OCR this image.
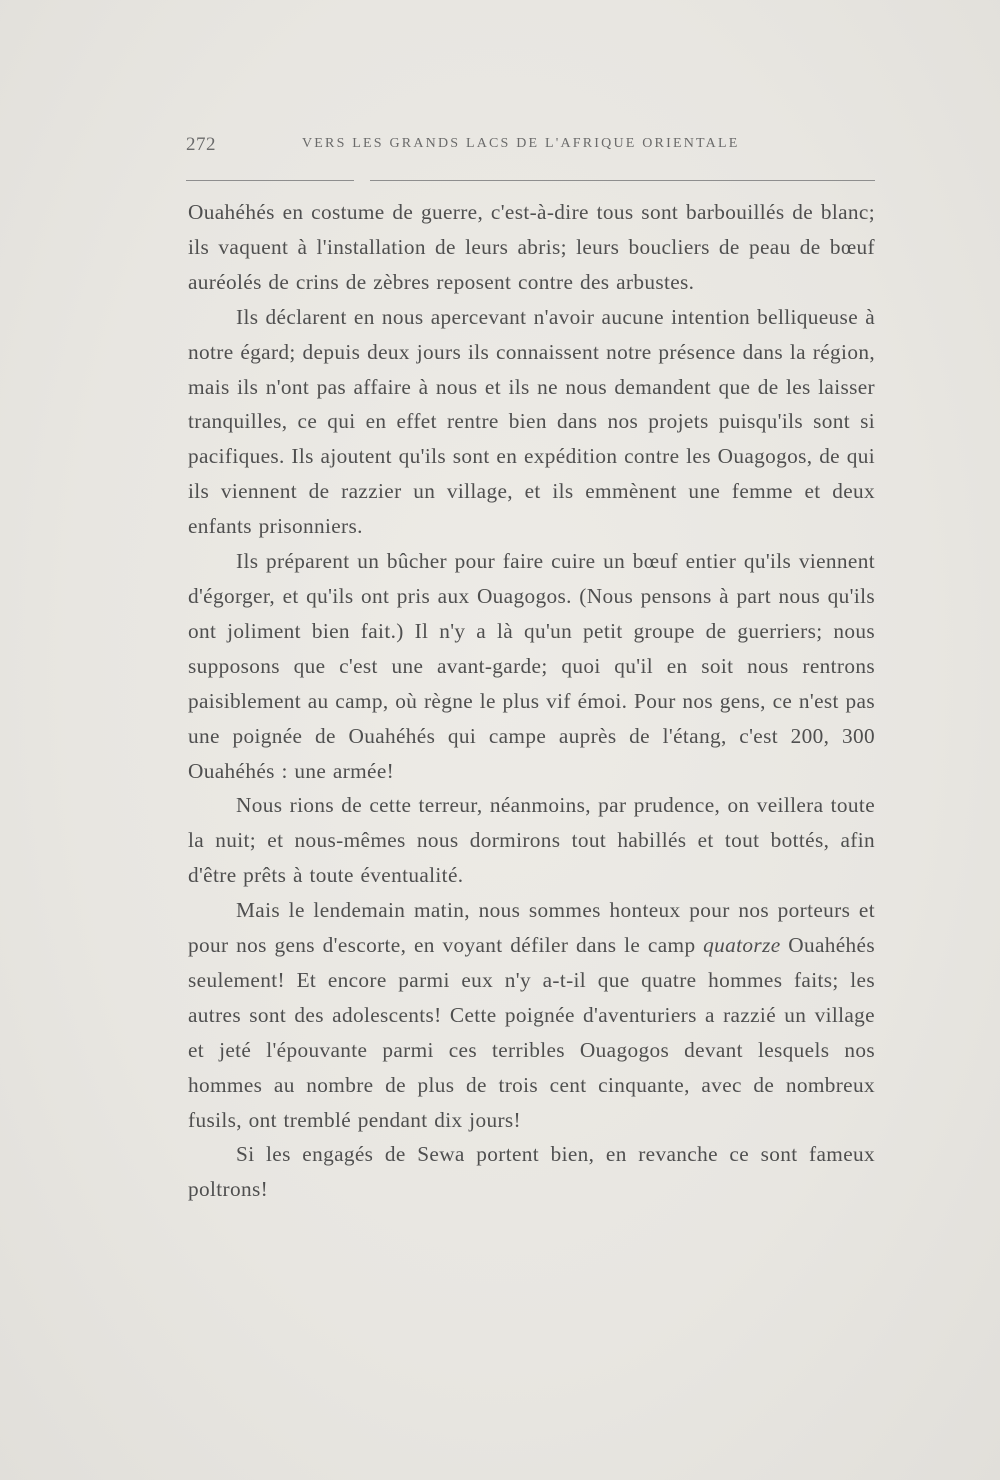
272	VERS LES GRANDS LACS DE L'AFRIQUE ORIENTALE

Ouahéhés en costume de guerre, c'est-à-dire tous sont barbouillés de blanc; ils vaquent à l'installation de leurs abris; leurs boucliers de peau de bœuf auréolés de crins de zèbres reposent contre des arbustes.

Ils déclarent en nous apercevant n'avoir aucune intention belliqueuse à notre égard; depuis deux jours ils connaissent notre présence dans la région, mais ils n'ont pas affaire à nous et ils ne nous demandent que de les laisser tranquilles, ce qui en effet rentre bien dans nos projets puisqu'ils sont si pacifiques. Ils ajoutent qu'ils sont en expédition contre les Ouagogos, de qui ils viennent de razzier un village, et ils emmènent une femme et deux enfants prisonniers.

Ils préparent un bûcher pour faire cuire un bœuf entier qu'ils viennent d'égorger, et qu'ils ont pris aux Ouagogos. (Nous pensons à part nous qu'ils ont joliment bien fait.) Il n'y a là qu'un petit groupe de guerriers; nous supposons que c'est une avant-garde; quoi qu'il en soit nous rentrons paisiblement au camp, où règne le plus vif émoi. Pour nos gens, ce n'est pas une poignée de Ouahéhés qui campe auprès de l'étang, c'est 200, 300 Ouahéhés : une armée!

Nous rions de cette terreur, néanmoins, par prudence, on veillera toute la nuit; et nous-mêmes nous dormirons tout habillés et tout bottés, afin d'être prêts à toute éventualité.

Mais le lendemain matin, nous sommes honteux pour nos porteurs et pour nos gens d'escorte, en voyant défiler dans le camp quatorze Ouahéhés seulement! Et encore parmi eux n'y a-t-il que quatre hommes faits; les autres sont des adolescents! Cette poignée d'aventuriers a razzié un village et jeté l'épouvante parmi ces terribles Ouagogos devant lesquels nos hommes au nombre de plus de trois cent cinquante, avec de nombreux fusils, ont tremblé pendant dix jours!

Si les engagés de Sewa portent bien, en revanche ce sont fameux poltrons!
